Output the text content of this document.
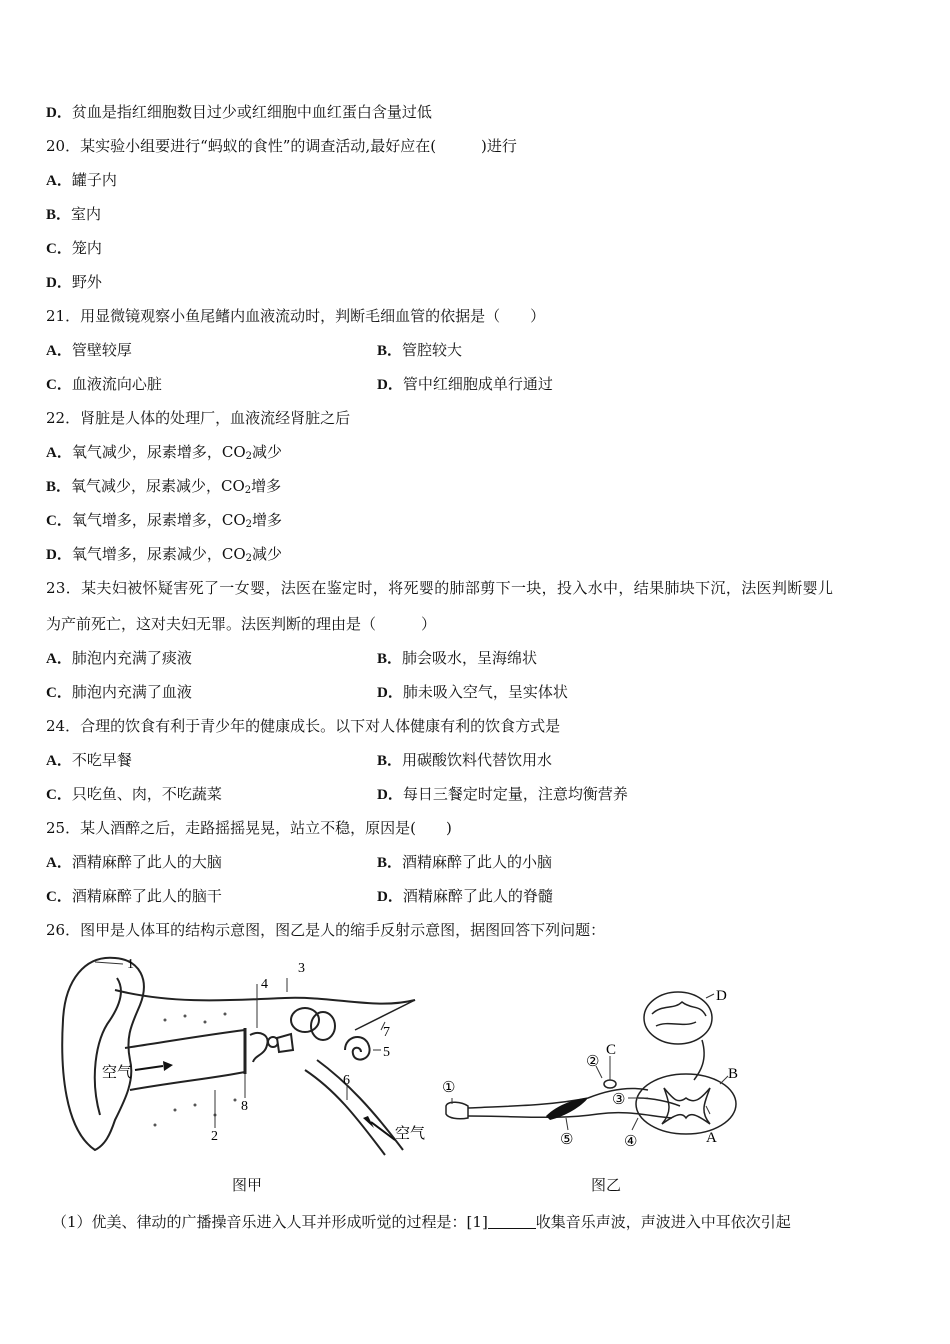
D．贫血是指红细胞数目过少或红细胞中血红蛋白含量过低
20．某实验小组要进行“蚂蚁的食性”的调查活动,最好应在(　　　)进行
A．罐子内
B．室内
C．笼内
D．野外
21．用显微镜观察小鱼尾鳍内血液流动时，判断毛细血管的依据是（　　）
A．管壁较厚	B．管腔较大
C．血液流向心脏	D．管中红细胞成单行通过
22．肾脏是人体的处理厂，血液流经肾脏之后
A．氧气减少，尿素增多，$CO_2$减少
B．氧气减少，尿素减少，$CO_2$增多
C．氧气增多，尿素增多，$CO_2$增多
D．氧气增多，尿素减少，$CO_2$减少
23．某夫妇被怀疑害死了一女婴，法医在鉴定时，将死婴的肺部剪下一块，投入水中，结果肺块下沉，法医判断婴儿
为产前死亡，这对夫妇无罪。法医判断的理由是（　　　）
A．肺泡内充满了痰液	B．肺会吸水，呈海绵状
C．肺泡内充满了血液	D．肺未吸入空气，呈实体状
24．合理的饮食有利于青少年的健康成长。以下对人体健康有利的饮食方式是
A．不吃早餐	B．用碳酸饮料代替饮用水
C．只吃鱼、肉，不吃蔬菜	D．每日三餐定时定量，注意均衡营养
25．某人酒醉之后，走路摇摇晃晃，站立不稳，原因是(　　)
A．酒精麻醉了此人的大脑	B．酒精麻醉了此人的小脑
C．酒精麻醉了此人的脑干	D．酒精麻醉了此人的脊髓
26．图甲是人体耳的结构示意图，图乙是人的缩手反射示意图，据图回答下列问题：
1
2
3
4
5
6
7
8
空气
空气
图甲
①
②
③
④
⑤	A
B
C
D
图乙
（1）优美、律动的广播操音乐进入人耳并形成听觉的过程是：[1]	收集音乐声波，声波进入中耳依次引起
